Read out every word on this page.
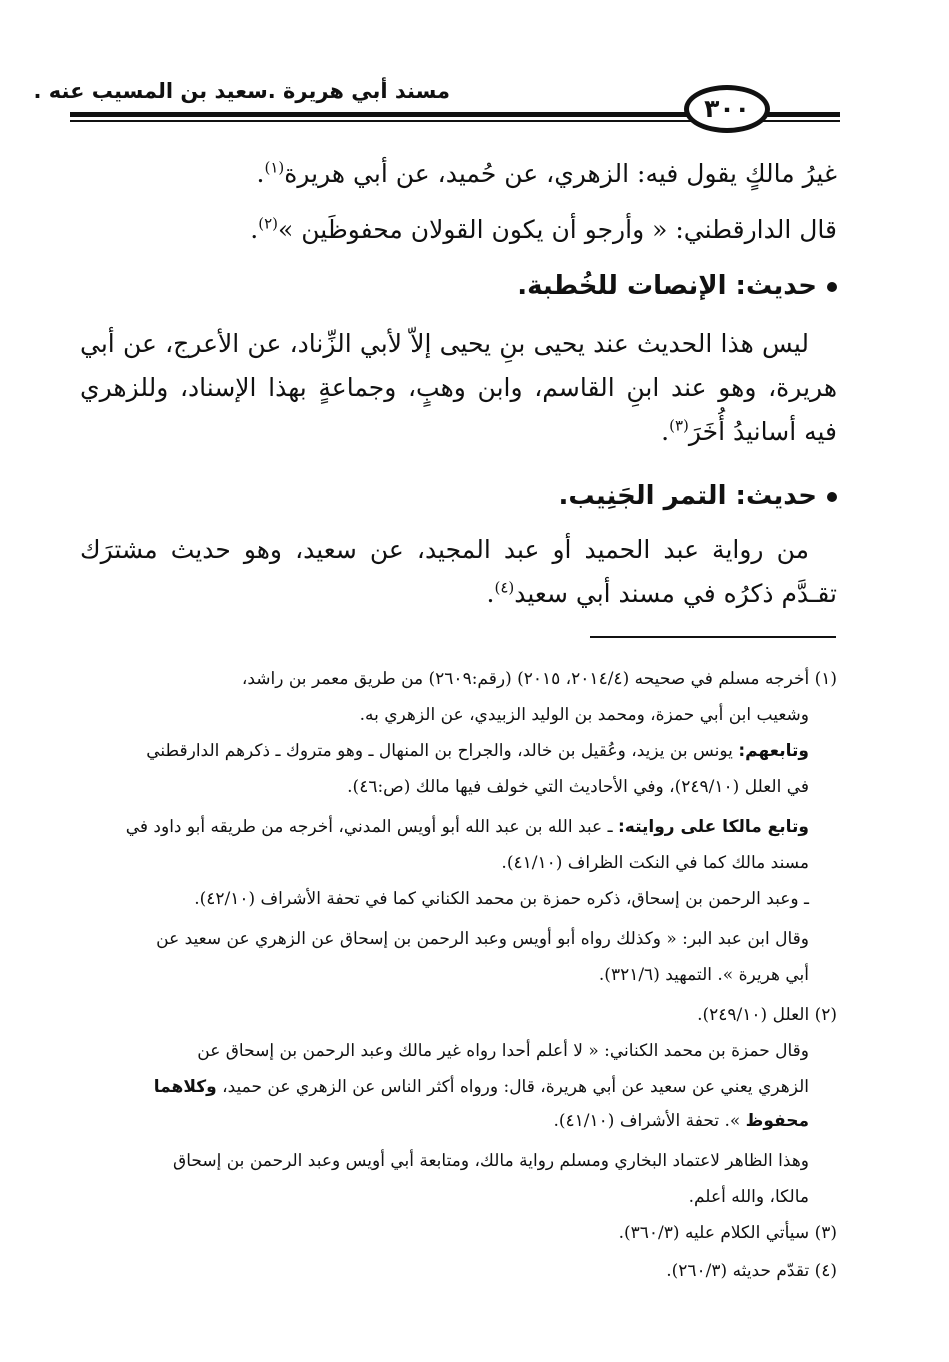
مسند أبي هريرة .سعيد بن المسيب عنه .
٣٠٠
غيرُ مالكٍ يقول فيه: الزهري، عن حُميد، عن أبي هريرة$^{(١)}$.
قال الدارقطني: « وأرجو أن يكون القولان محفوظَين »$^{(٢)}$.
حديث: الإنصات للخُطبة.
ليس هذا الحديث عند يحيى بنِ يحيى إلاّ لأبي الزِّناد، عن الأعرج، عن أبي هريرة، وهو عند ابنِ القاسم، وابن وهبٍ، وجماعةٍ بهذا الإسناد، وللزهري فيه أسانيدُ أُخَرَ$^{(٣)}$.
حديث: التمر الجَنِيب.
من رواية عبد الحميد أو عبد المجيد، عن سعيد، وهو حديث مشترَك تقـدَّم ذكرُه في مسند أبي سعيد$^{(٤)}$.
(١) أخرجه مسلم في صحيحه (٢٠١٤/٤، ٢٠١٥) (رقم:٢٦٠٩) من طريق معمر بن راشد،
وشعيب ابن أبي حمزة، ومحمد بن الوليد الزبيدي، عن الزهري به.
وتابعهم: يونس بن يزيد، وعُقيل بن خالد، والجراح بن المنهال ـ وهو متروك ـ ذكرهم الدارقطني
في العلل (٢٤٩/١٠)، وفي الأحاديث التي خولف فيها مالك (ص:٤٦).
وتابع مالكا على روايته: ـ عبد الله بن عبد الله أبو أويس المدني، أخرجه من طريقه أبو داود في
مسند مالك كما في النكت الظراف (٤١/١٠).
ـ وعبد الرحمن بن إسحاق، ذكره حمزة بن محمد الكناني كما في تحفة الأشراف (٤٢/١٠).
وقال ابن عبد البر: « وكذلك رواه أبو أويس وعبد الرحمن بن إسحاق عن الزهري عن سعيد عن
أبي هريرة ». التمهيد (٣٢١/٦).
(٢) العلل (٢٤٩/١٠).
وقال حمزة بن محمد الكناني: « لا أعلم أحدا رواه غير مالك وعبد الرحمن بن إسحاق عن
الزهري يعني عن سعيد عن أبي هريرة، قال: ورواه أكثر الناس عن الزهري عن حميد، وكلاهما
محفوظ ». تحفة الأشراف (٤١/١٠).
وهذا الظاهر لاعتماد البخاري ومسلم رواية مالك، ومتابعة أبي أويس وعبد الرحمن بن إسحاق
مالكا، والله أعلم.
(٣) سيأتي الكلام عليه (٣٦٠/٣).
(٤) تقدّم حديثه (٢٦٠/٣).
